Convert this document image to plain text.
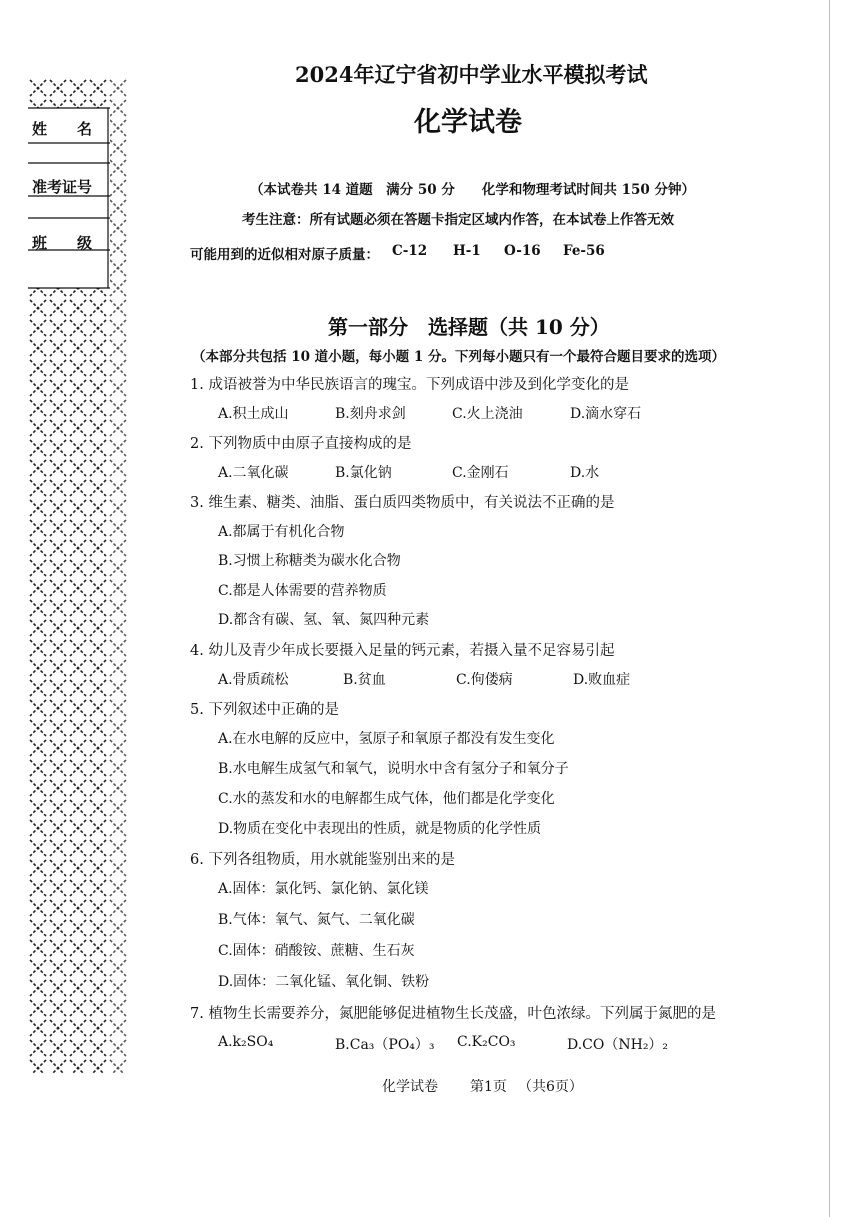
姓　　名
准考证号
班　　级
2024年辽宁省初中学业水平模拟考试
化学试卷
（本试卷共 14 道题　满分 50 分　　化学和物理考试时间共 150 分钟）
考生注意：所有试题必须在答题卡指定区域内作答，在本试卷上作答无效
可能用到的近似相对原子质量： C-12 H-1 O-16 Fe-56
第一部分　选择题（共 10 分）
（本部分共包括 10 道小题，每小题 1 分。下列每小题只有一个最符合题目要求的选项）
1. 成语被誉为中华民族语言的瑰宝。下列成语中涉及到化学变化的是
A.积土成山	B.刻舟求剑	C.火上浇油	D.滴水穿石
2. 下列物质中由原子直接构成的是
A.二氧化碳	B.氯化钠	C.金刚石	D.水
3. 维生素、糖类、油脂、蛋白质四类物质中，有关说法不正确的是
A.都属于有机化合物
B.习惯上称糖类为碳水化合物
C.都是人体需要的营养物质
D.都含有碳、氢、氧、氮四种元素
4. 幼儿及青少年成长要摄入足量的钙元素，若摄入量不足容易引起
A.骨质疏松	B.贫血	C.佝偻病	D.败血症
5. 下列叙述中正确的是
A.在水电解的反应中，氢原子和氧原子都没有发生变化
B.水电解生成氢气和氧气，说明水中含有氢分子和氧分子
C.水的蒸发和水的电解都生成气体，他们都是化学变化
D.物质在变化中表现出的性质，就是物质的化学性质
6. 下列各组物质，用水就能鉴别出来的是
A.固体：氯化钙、氯化钠、氯化镁
B.气体：氧气、氮气、二氧化碳
C.固体：硝酸铵、蔗糖、生石灰
D.固体：二氧化锰、氧化铜、铁粉
7. 植物生长需要养分，氮肥能够促进植物生长茂盛，叶色浓绿。下列属于氮肥的是
A.k₂SO₄	B.Ca₃（PO₄）₃ C.K₂CO₃	D.CO（NH₂）₂
化学试卷 第1页 （共6页）
